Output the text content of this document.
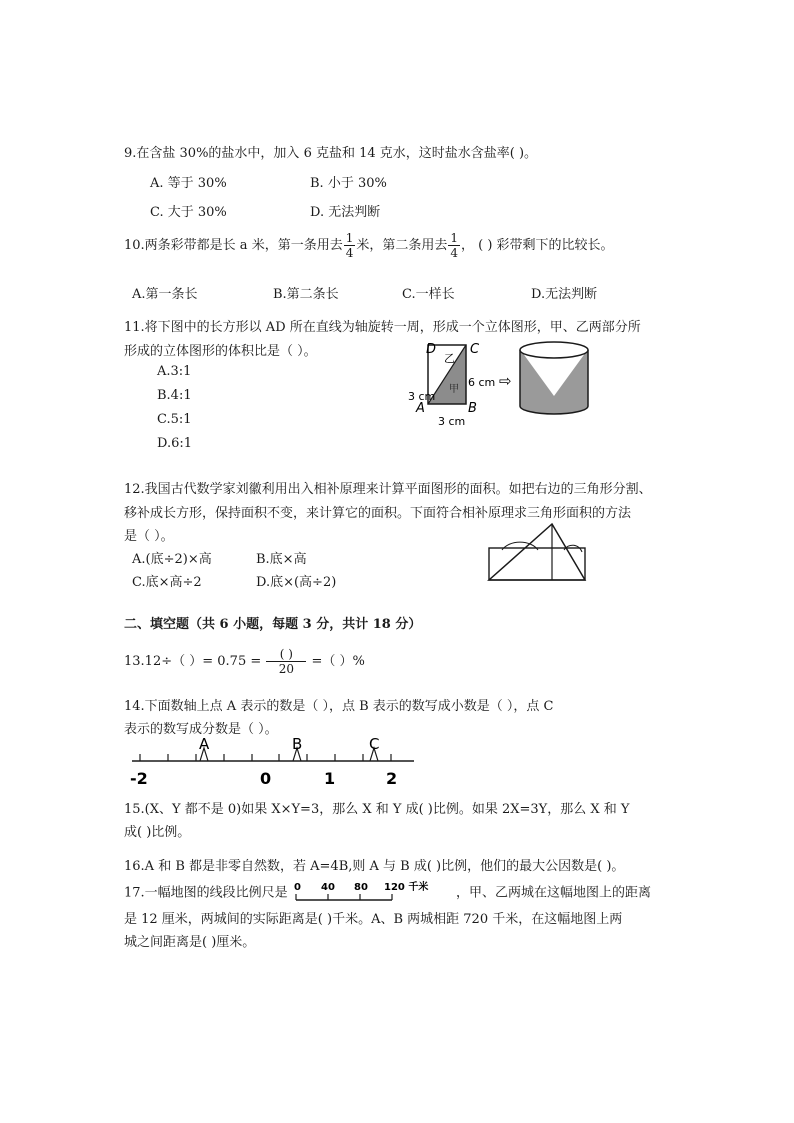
9.在含盐 30%的盐水中，加入 6 克盐和 14 克水，这时盐水含盐率( )。
A. 等于 30%	B. 小于 30%
C. 大于 30%	D. 无法判断
10.两条彩带都是长 a 米，第一条用去 $\frac{1}{4}$ 米，第二条用去 $\frac{1}{4}$ ， ( ) 彩带剩下的比较长。
A.第一条长	B.第二条长	C.一样长	D.无法判断
11.将下图中的长方形以 AD 所在直线为轴旋转一周，形成一个立体图形，甲、乙两部分所
形成的立体图形的体积比是（ ）。
A.3:1
B.4:1
C.5:1
D.6:1
D	C
乙
甲
A	B
6 cm
3 cm
3 cm
⇨
12.我国古代数学家刘徽利用出入相补原理来计算平面图形的面积。如把右边的三角形分割、
移补成长方形，保持面积不变，来计算它的面积。下面符合相补原理求三角形面积的方法
是（ ）。
A.(底÷2)×高	B.底×高
C.底×高÷2	D.底×(高÷2)
二、填空题（共 6 小题，每题 3 分，共计 18 分）
13.12÷（ ）= $0.75 = \frac{( )}{20}$ =（ ）%
14.下面数轴上点 A 表示的数是（ ），点 B 表示的数写成小数是（ ），点 C
表示的数写成分数是（ ）。
A	B	C
-2	0	1	2
15.(X、Y 都不是 0)如果 X×Y=3，那么 X 和 Y 成( )比例。如果 2X=3Y，那么 X 和 Y
成( )比例。
16.A 和 B 都是非零自然数，若 A=4B,则 A 与 B 成( )比例，他们的最大公因数是( )。
17.一幅地图的线段比例尺是 0 40 80 120 千米 ，甲、乙两城在这幅地图上的距离
是 12 厘米，两城间的实际距离是( )千米。A、B 两城相距 720 千米，在这幅地图上两
城之间距离是( )厘米。
